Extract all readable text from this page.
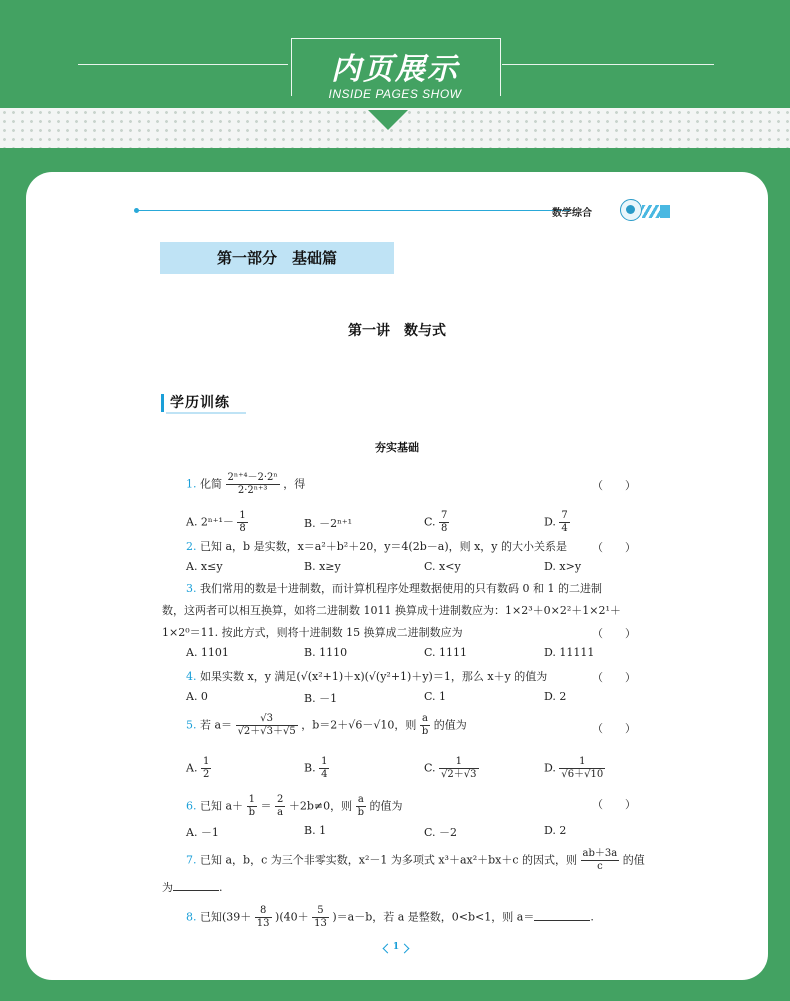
内页展示
INSIDE PAGES SHOW
数学综合
第一部分　基础篇
第一讲　数与式
学历训练
夯实基础
1. 化简 $\frac{\text{2ⁿ⁺⁴－2·2ⁿ}}{\text{2·2ⁿ⁺³}}$ ，得	（　　）
A. $2^{n+1}- \frac{1}{8}$	B. －2ⁿ⁺¹	C. $\frac{7}{8}$	D. $\frac{7}{4}$
2. 已知 a，b 是实数，x＝a²＋b²＋20，y＝4(2b－a)，则 x，y 的大小关系是 （　　）
A. x≤y	B. x≥y	C. x<y	D. x>y
3. 我们常用的数是十进制数，而计算机程序处理数据使用的只有数码 0 和 1 的二进制
数，这两者可以相互换算，如将二进制数 1011 换算成十进制数应为：1×2³＋0×2²＋1×2¹＋
1×2⁰＝11. 按此方式，则将十进制数 15 换算成二进制数应为	（　　）
A. 1101	B. 1110	C. 1111	D. 11111
4. 如果实数 x，y 满足(√(x²+1)＋x)(√(y²+1)＋y)＝1，那么 x＋y 的值为	（　　）
A. 0	B. －1	C. 1	D. 2
5. 若 $a= \frac{√3}{√2+√3+√5}$ ，b＝2＋√6－√10，则 $\frac{a}{b}$ 的值为	（　　）
A. $\frac{1}{2}$	B. $\frac{1}{4}$	C. $\frac{1}{√2+√3}$	D. $\frac{1}{√6+√10}$
6. 已知 $a+ \frac{1}{b} = \frac{2}{a} +2b\ne 0$，则 $\frac{a}{b}$ 的值为	（　　）
A. －1	B. 1	C. －2	D. 2
7. 已知 a，b，c 为三个非零实数，x²－1 为多项式 x³＋ax²＋bx＋c 的因式，则 $\frac{ab+3a}{c}$ 的值
为	.
8. 已知$(39+ \frac{8}{13} )(40+ \frac{5}{13} )=a-b$，若 a 是整数，0<b<1，则 a＝	.
1
